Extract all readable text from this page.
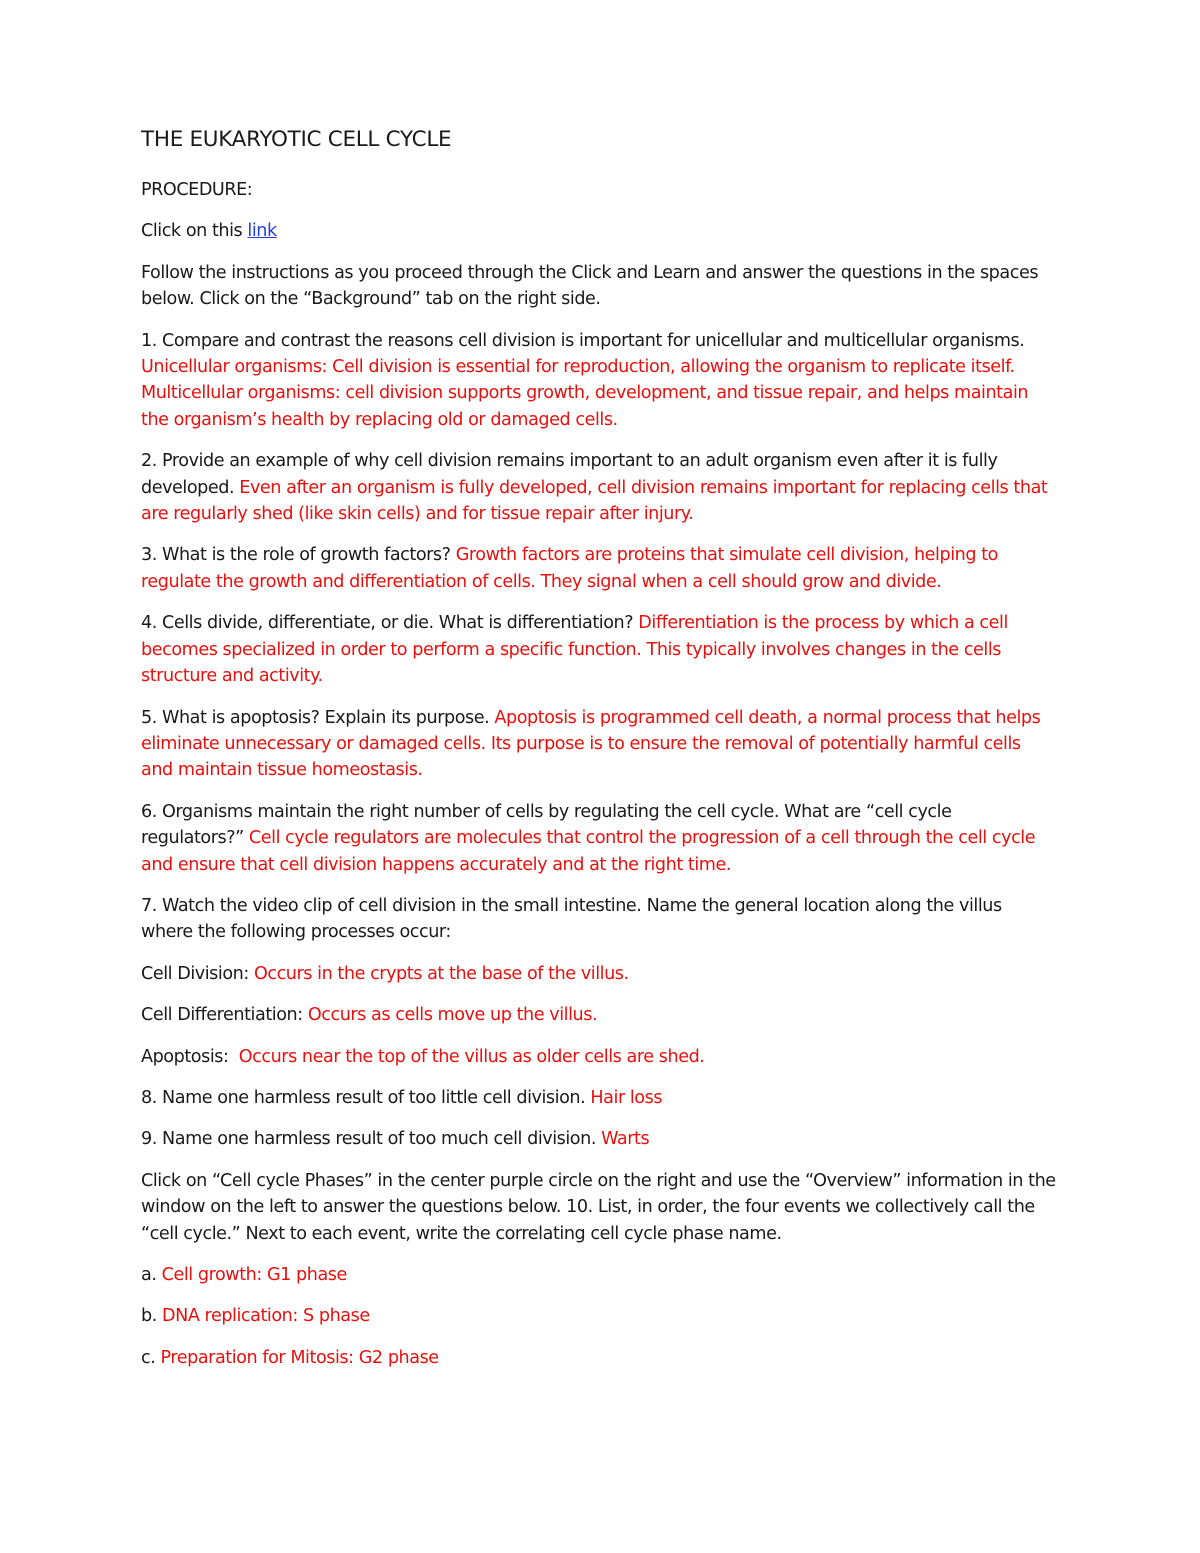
THE EUKARYOTIC CELL CYCLE

PROCEDURE:

Click on this link

Follow the instructions as you proceed through the Click and Learn and answer the questions in the spaces below. Click on the “Background” tab on the right side.

1. Compare and contrast the reasons cell division is important for unicellular and multicellular organisms. Unicellular organisms: Cell division is essential for reproduction, allowing the organism to replicate itself. Multicellular organisms: cell division supports growth, development, and tissue repair, and helps maintain the organism’s health by replacing old or damaged cells.

2. Provide an example of why cell division remains important to an adult organism even after it is fully developed. Even after an organism is fully developed, cell division remains important for replacing cells that are regularly shed (like skin cells) and for tissue repair after injury.

3. What is the role of growth factors? Growth factors are proteins that simulate cell division, helping to regulate the growth and differentiation of cells. They signal when a cell should grow and divide.

4. Cells divide, differentiate, or die. What is differentiation? Differentiation is the process by which a cell becomes specialized in order to perform a specific function. This typically involves changes in the cells structure and activity.

5. What is apoptosis? Explain its purpose. Apoptosis is programmed cell death, a normal process that helps eliminate unnecessary or damaged cells. Its purpose is to ensure the removal of potentially harmful cells and maintain tissue homeostasis.

6. Organisms maintain the right number of cells by regulating the cell cycle. What are “cell cycle regulators?” Cell cycle regulators are molecules that control the progression of a cell through the cell cycle and ensure that cell division happens accurately and at the right time.

7. Watch the video clip of cell division in the small intestine. Name the general location along the villus where the following processes occur:

Cell Division: Occurs in the crypts at the base of the villus.

Cell Differentiation: Occurs as cells move up the villus.

Apoptosis:  Occurs near the top of the villus as older cells are shed.

8. Name one harmless result of too little cell division. Hair loss

9. Name one harmless result of too much cell division. Warts

Click on “Cell cycle Phases” in the center purple circle on the right and use the “Overview” information in the window on the left to answer the questions below. 10. List, in order, the four events we collectively call the “cell cycle.” Next to each event, write the correlating cell cycle phase name.

a. Cell growth: G1 phase

b. DNA replication: S phase

c. Preparation for Mitosis: G2 phase
